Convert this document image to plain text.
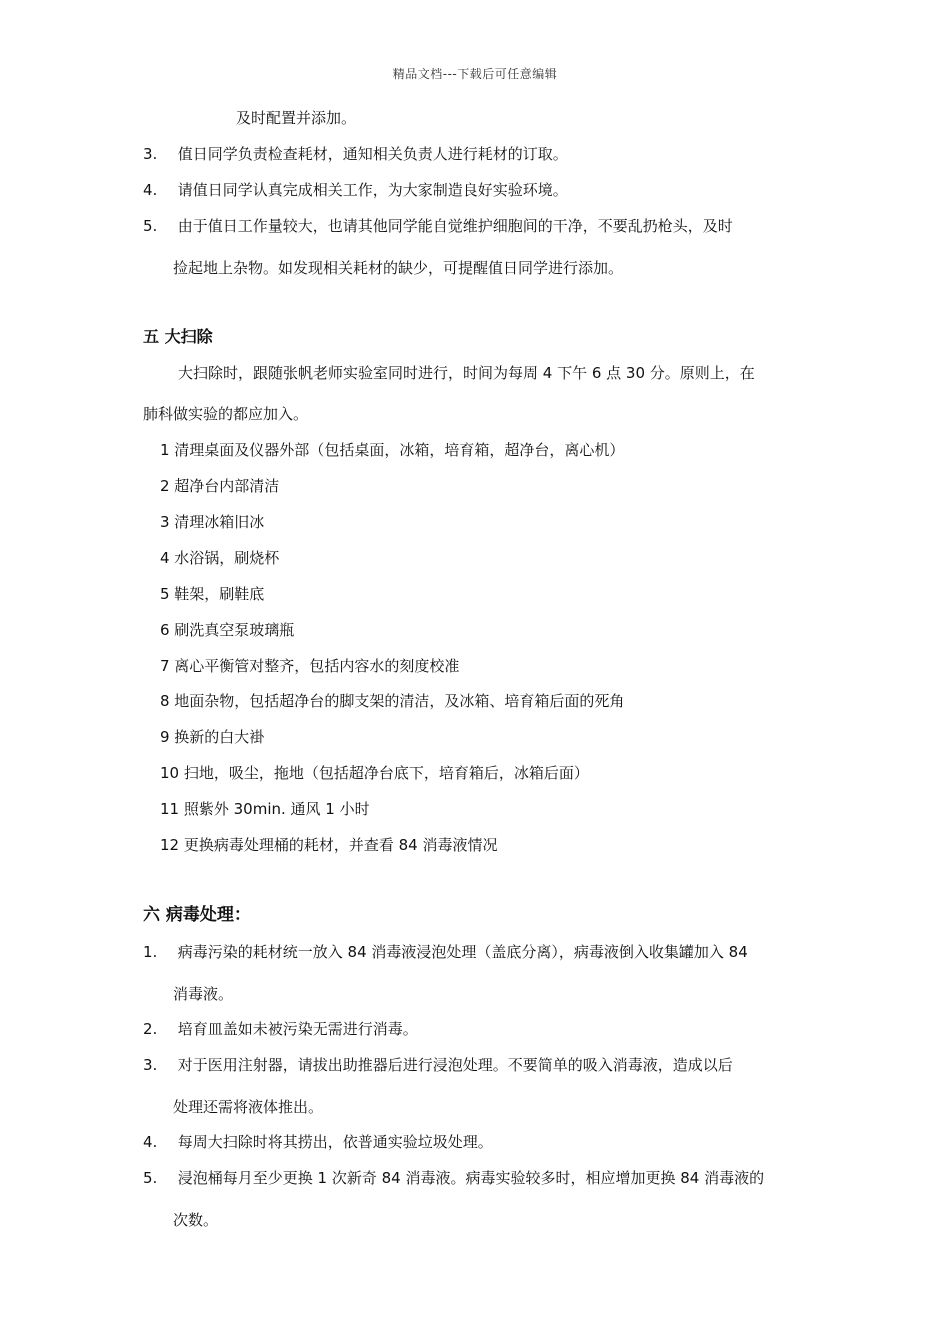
精品文档---下载后可任意编辑
及时配置并添加。
3. 值日同学负责检查耗材，通知相关负责人进行耗材的订取。
4. 请值日同学认真完成相关工作，为大家制造良好实验环境。
5. 由于值日工作量较大，也请其他同学能自觉维护细胞间的干净，不要乱扔枪头，及时
捡起地上杂物。如发现相关耗材的缺少，可提醒值日同学进行添加。
五 大扫除
大扫除时，跟随张帆老师实验室同时进行，时间为每周 4 下午 6 点 30 分。原则上，在
肺科做实验的都应加入。
1 清理桌面及仪器外部（包括桌面，冰箱，培育箱，超净台，离心机）
2 超净台内部清洁
3 清理冰箱旧冰
4 水浴锅，刷烧杯
5 鞋架，刷鞋底
6 刷洗真空泵玻璃瓶
7 离心平衡管对整齐，包括内容水的刻度校准
8 地面杂物，包括超净台的脚支架的清洁，及冰箱、培育箱后面的死角
9 换新的白大褂
10 扫地，吸尘，拖地（包括超净台底下，培育箱后，冰箱后面）
11 照紫外 30min. 通风 1 小时
12 更换病毒处理桶的耗材，并查看 84 消毒液情况
六 病毒处理：
1. 病毒污染的耗材统一放入 84 消毒液浸泡处理（盖底分离），病毒液倒入收集罐加入 84
消毒液。
2. 培育皿盖如未被污染无需进行消毒。
3. 对于医用注射器，请拔出助推器后进行浸泡处理。不要简单的吸入消毒液，造成以后
处理还需将液体推出。
4. 每周大扫除时将其捞出，依普通实验垃圾处理。
5. 浸泡桶每月至少更换 1 次新奇 84 消毒液。病毒实验较多时，相应增加更换 84 消毒液的
次数。
